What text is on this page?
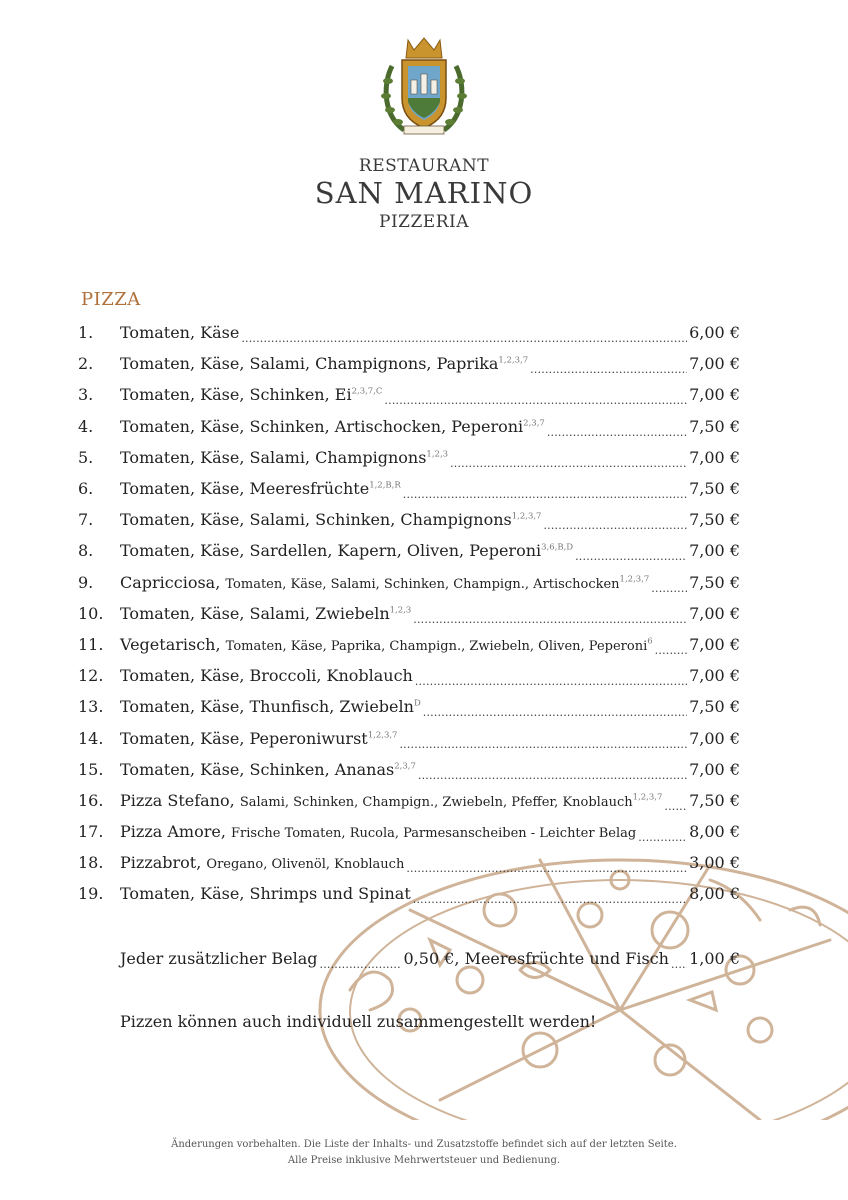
RESTAURANT
SAN MARINO
PIZZERIA
PIZZA
1.	Tomaten, Käse .....	6,00 €
2.	Tomaten, Käse, Salami, Champignons, Paprika$^{1,2,3,7}$ .....	7,00 €
3.	Tomaten, Käse, Schinken, $Ei^{2,3,7,C}$ .....	7,00 €
4.	Tomaten, Käse, Schinken, Artischocken, Peperoni$^{2,3,7}$ .....	7,50 €
5.	Tomaten, Käse, Salami, Champignons$^{1,2,3}$ .....	7,00 €
6.	Tomaten, Käse, Meeresfrüchte$^{1,2,B,R}$ .....	7,50 €
7.	Tomaten, Käse, Salami, Schinken, Champignons$^{1,2,3,7}$ .....	7,50 €
8.	Tomaten, Käse, Sardellen, Kapern, Oliven, Peperoni$^{3,6,B,D}$ .....	7,00 €
9.	Capricciosa, Tomaten, Käse, Salami, Schinken, Champign., Artischocken$^{1,2,3,7}$ ..... 7,50 €
10.	Tomaten, Käse, Salami, Zwiebeln$^{1,2,3}$ .....	7,00 €
11.	Vegetarisch, Tomaten, Käse, Paprika, Champign., Zwiebeln, Oliven, Peperoni$^6$ ..... 7,00 €
12.	Tomaten, Käse, Broccoli, Knoblauch .....	7,00 €
13.	Tomaten, Käse, Thunfisch, Zwiebeln$^D$ .....	7,50 €
14.	Tomaten, Käse, Peperoniwurst$^{1,2,3,7}$ .....	7,00 €
15.	Tomaten, Käse, Schinken, Ananas$^{2,3,7}$ .....	7,00 €
16.	Pizza Stefano, Salami, Schinken, Champign., Zwiebeln, Pfeffer, Knoblauch$^{1,2,3,7}$ ..... 7,50 €
17.	Pizza Amore, Frische Tomaten, Rucola, Parmesanscheiben - Leichter Belag .....	8,00 €
18.	Pizzabrot, Oregano, Olivenöl, Knoblauch .....	3,00 €
19.	Tomaten, Käse, Shrimps und Spinat .....	8,00 €
Jeder zusätzlicher Belag .....	0,50 €, Meeresfrüchte und Fisch ..... 1,00 €
Pizzen können auch individuell zusammengestellt werden!
Änderungen vorbehalten. Die Liste der Inhalts- und Zusatzstoffe befindet sich auf der letzten Seite.
Alle Preise inklusive Mehrwertsteuer und Bedienung.
